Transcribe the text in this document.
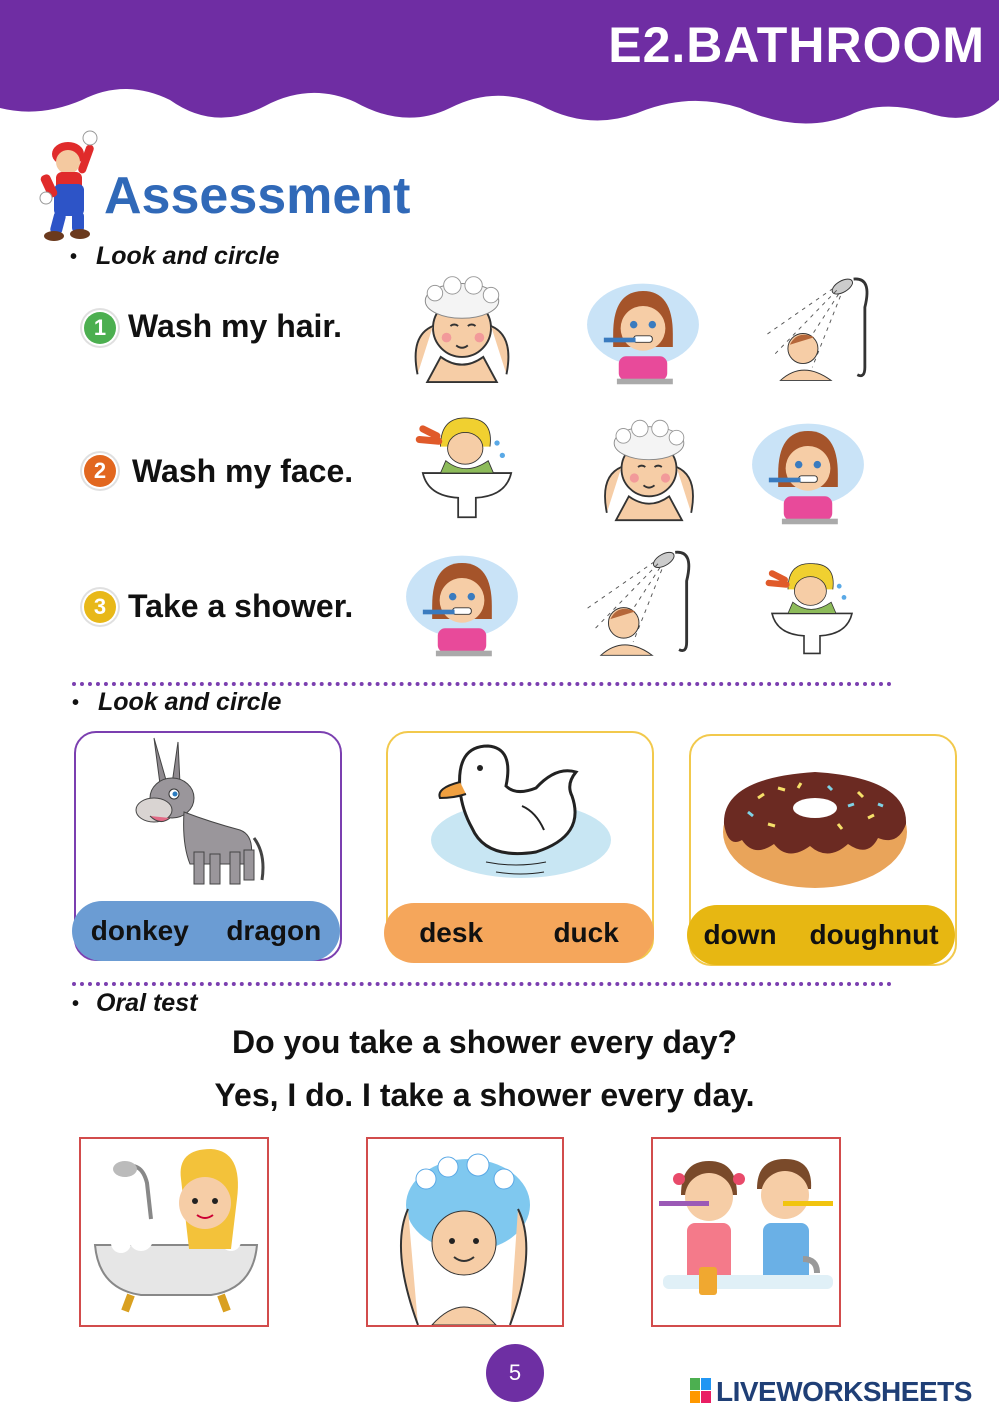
E2.BATHROOM
Assessment
• Look and circle
1 Wash my hair.
2 Wash my face.
3 Take a shower.
• Look and circle
donkey dragon	desk	duck	down doughnut
• Oral test
Do you take a shower every day?
Yes, I do. I take a shower every day.
5
LIVEWORKSHEETS
